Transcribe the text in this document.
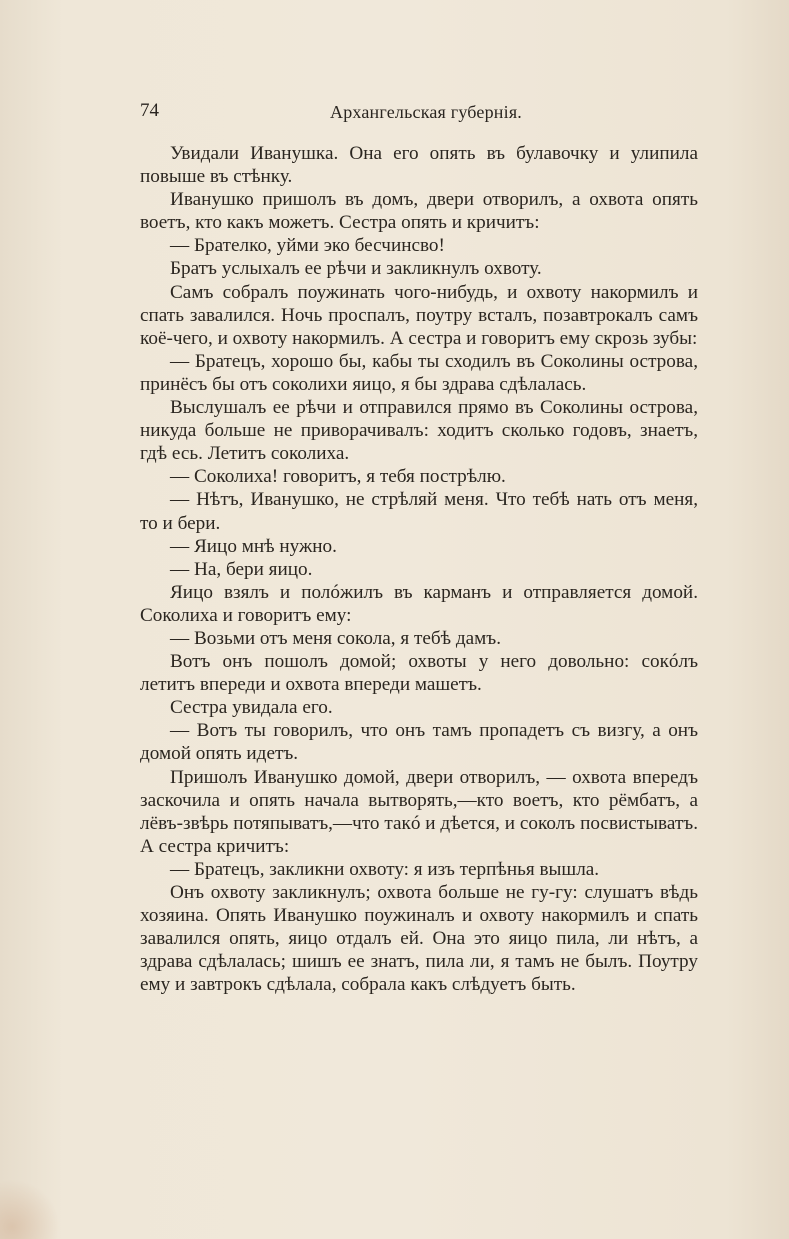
74	Архангельская губернія.

Увидали Иванушка. Она его опять въ булавочку и улипила повыше въ стѣнку.

Иванушко пришолъ въ домъ, двери отворилъ, а охвота опять воетъ, кто какъ можетъ. Сестра опять и кричитъ:

— Брателко, уйми эко бесчинсво!

Братъ услыхалъ ее рѣчи и закликнулъ охвоту.

Самъ собралъ поужинать чого-нибудь, и охвоту накормилъ и спать завалился. Ночь проспалъ, поутру всталъ, позавтрокалъ самъ коё-чего, и охвоту накормилъ. А сестра и говоритъ ему скрозь зубы:

— Братецъ, хорошо бы, кабы ты сходилъ въ Соколины острова, принёсъ бы отъ соколихи яицо, я бы здрава сдѣлалась.

Выслушалъ ее рѣчи и отправился прямо въ Соколины острова, никуда больше не приворачивалъ: ходитъ сколько годовъ, знаетъ, гдѣ есь. Летитъ соколиха.

— Соколиха! говоритъ, я тебя пострѣлю.

— Нѣтъ, Иванушко, не стрѣляй меня. Что тебѣ нать отъ меня, то и бери.

— Яицо мнѣ нужно.

— На, бери яицо.

Яицо взялъ и полóжилъ въ карманъ и отправляется домой. Соколиха и говоритъ ему:

— Возьми отъ меня сокола, я тебѣ дамъ.

Вотъ онъ пошолъ домой; охвоты у него довольно: сокóлъ летитъ впереди и охвота впереди машетъ.

Сестра увидала его.

— Вотъ ты говорилъ, что онъ тамъ пропадетъ съ визгу, а онъ домой опять идетъ.

Пришолъ Иванушко домой, двери отворилъ, — охвота впередъ заскочила и опять начала вытворять,—кто воетъ, кто рёмбатъ, а лёвъ-звѣрь потяпыватъ,—что такó и дѣется, и соколъ посвистыватъ. А сестра кричитъ:

— Братецъ, закликни охвоту: я изъ терпѣнья вышла.

Онъ охвоту закликнулъ; охвота больше не гу-гу: слушатъ вѣдь хозяина. Опять Иванушко поужиналъ и охвоту накормилъ и спать завалился опять, яицо отдалъ ей. Она это яицо пила, ли нѣтъ, а здрава сдѣлалась; шишъ ее знатъ, пила ли, я тамъ не былъ. Поутру ему и завтрокъ сдѣлала, собрала какъ слѣдуетъ быть.
